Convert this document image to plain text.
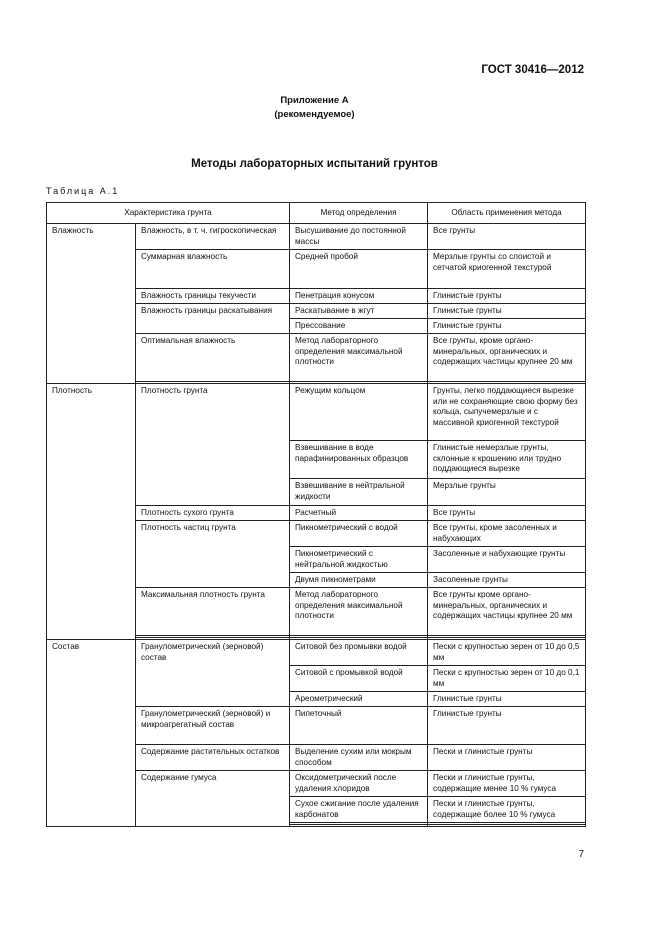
ГОСТ 30416—2012
Приложение А
(рекомендуемое)
Методы лабораторных испытаний грунтов
Таблица А.1
Характеристика грунта		Метод определения	Область применения метода
Влажность	Влажность, в т. ч. гигроскопическая	Высушивание до постоянной массы	Все грунты
	Суммарная влажность	Средней пробой	Мерзлые грунты со слоистой и сетчатой криогенной текстурой
	Влажность границы текучести	Пенетрация конусом	Глинистые грунты
	Влажность границы раскатывания	Раскатывание в жгут	Глинистые грунты
		Прессование	Глинистые грунты
	Оптимальная влажность	Метод лабораторного определения максимальной плотности	Все грунты, кроме органо-минеральных, органических и содержащих частицы крупнее 20 мм

Плотность	Плотность грунта	Режущим кольцом	Грунты, легко поддающиеся вырезке или не сохраняющие свою форму без кольца, сыпучемерзлые и с массивной криогенной текстурой
		Взвешивание в воде парафинированных образцов	Глинистые немерзлые грунты, склонные к крошению или трудно поддающиеся вырезке
		Взвешивание в нейтральной жидкости	Мерзлые грунты
	Плотность сухого грунта	Расчетный	Все грунты
	Плотность частиц грунта	Пикнометрический с водой	Все грунты, кроме засоленных и набухающих
		Пикнометрический с нейтральной жидкостью	Засоленные и набухающие грунты
		Двумя пикнометрами	Засоленные грунты
	Максимальная плотность грунта	Метод лабораторного определения максимальной плотности	Все грунты кроме органо-минеральных, органических и содержащих частицы крупнее 20 мм

Состав	Гранулометрический (зерновой) состав	Ситовой без промывки водой	Пески с крупностью зерен от 10 до 0,5 мм
		Ситовой с промывкой водой	Пески с крупностью зерен от 10 до 0,1 мм
		Ареометрический	Глинистые грунты
	Гранулометрический (зерновой) и микроагрегатный состав	Пипеточный	Глинистые грунты
	Содержание растительных остатков	Выделение сухим или мокрым способом	Пески и глинистые грунты
	Содержание гумуса	Оксидометрический после удаления хлоридов	Пески и глинистые грунты, содержащие менее 10 % гумуса
		Сухое сжигание после удаления карбонатов	Пески и глинистые грунты, содержащие более 10 % гумуса

7
